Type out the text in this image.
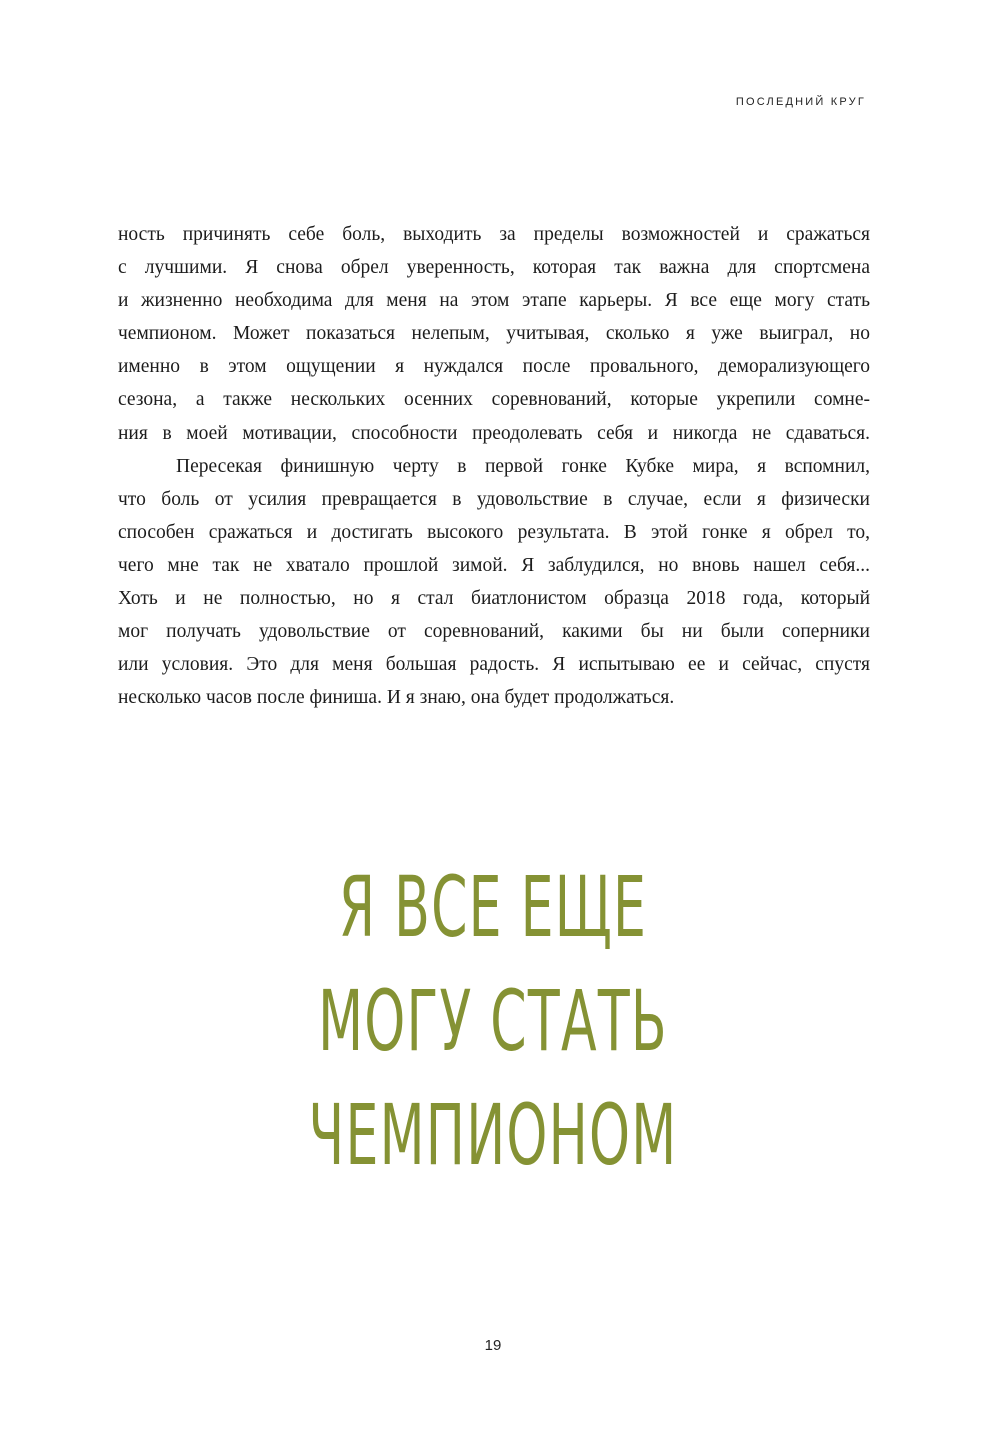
ПОСЛЕДНИЙ КРУГ
ность причинять себе боль, выходить за пределы возможностей и сражаться
с лучшими. Я снова обрел уверенность, которая так важна для спортсмена
и жизненно необходима для меня на этом этапе карьеры. Я все еще могу стать
чемпионом. Может показаться нелепым, учитывая, сколько я уже выиграл, но
именно в этом ощущении я нуждался после провального, деморализующего
сезона, а также нескольких осенних соревнований, которые укрепили сомне-
ния в моей мотивации, способности преодолевать себя и никогда не сдаваться.
Пересекая финишную черту в первой гонке Кубке мира, я вспомнил,
что боль от усилия превращается в удовольствие в случае, если я физически
способен сражаться и достигать высокого результата. В этой гонке я обрел то,
чего мне так не хватало прошлой зимой. Я заблудился, но вновь нашел себя...
Хоть и не полностью, но я стал биатлонистом образца 2018 года, который
мог получать удовольствие от соревнований, какими бы ни были соперники
или условия. Это для меня большая радость. Я испытываю ее и сейчас, спустя
несколько часов после финиша. И я знаю, она будет продолжаться.
Я ВСЕ ЕЩЕ
МОГУ СТАТЬ
ЧЕМПИОНОМ
19
